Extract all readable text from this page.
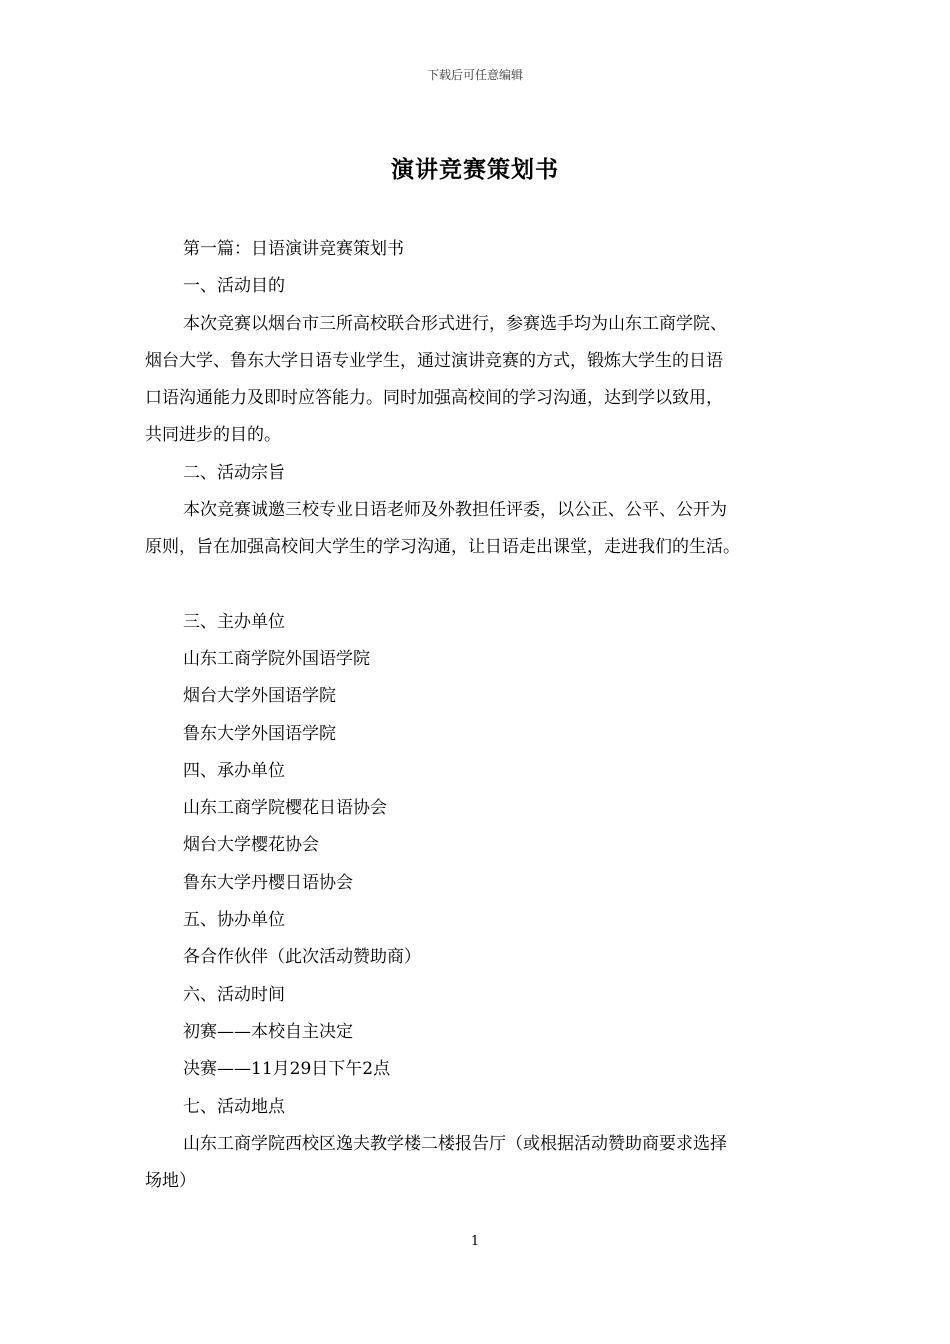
下载后可任意编辑
演讲竞赛策划书

第一篇：日语演讲竞赛策划书

一、活动目的

本次竞赛以烟台市三所高校联合形式进行，参赛选手均为山东工商学院、

烟台大学、鲁东大学日语专业学生，通过演讲竞赛的方式，锻炼大学生的日语

口语沟通能力及即时应答能力。同时加强高校间的学习沟通，达到学以致用，

共同进步的目的。

二、活动宗旨

本次竞赛诚邀三校专业日语老师及外教担任评委，以公正、公平、公开为

原则，旨在加强高校间大学生的学习沟通，让日语走出课堂，走进我们的生活。

三、主办单位

山东工商学院外国语学院

烟台大学外国语学院

鲁东大学外国语学院

四、承办单位

山东工商学院樱花日语协会

烟台大学樱花协会

鲁东大学丹樱日语协会

五、协办单位

各合作伙伴（此次活动赞助商）

六、活动时间

初赛——本校自主决定

决赛——11月29日下午2点

七、活动地点

山东工商学院西校区逸夫教学楼二楼报告厅（或根据活动赞助商要求选择

场地）

1
